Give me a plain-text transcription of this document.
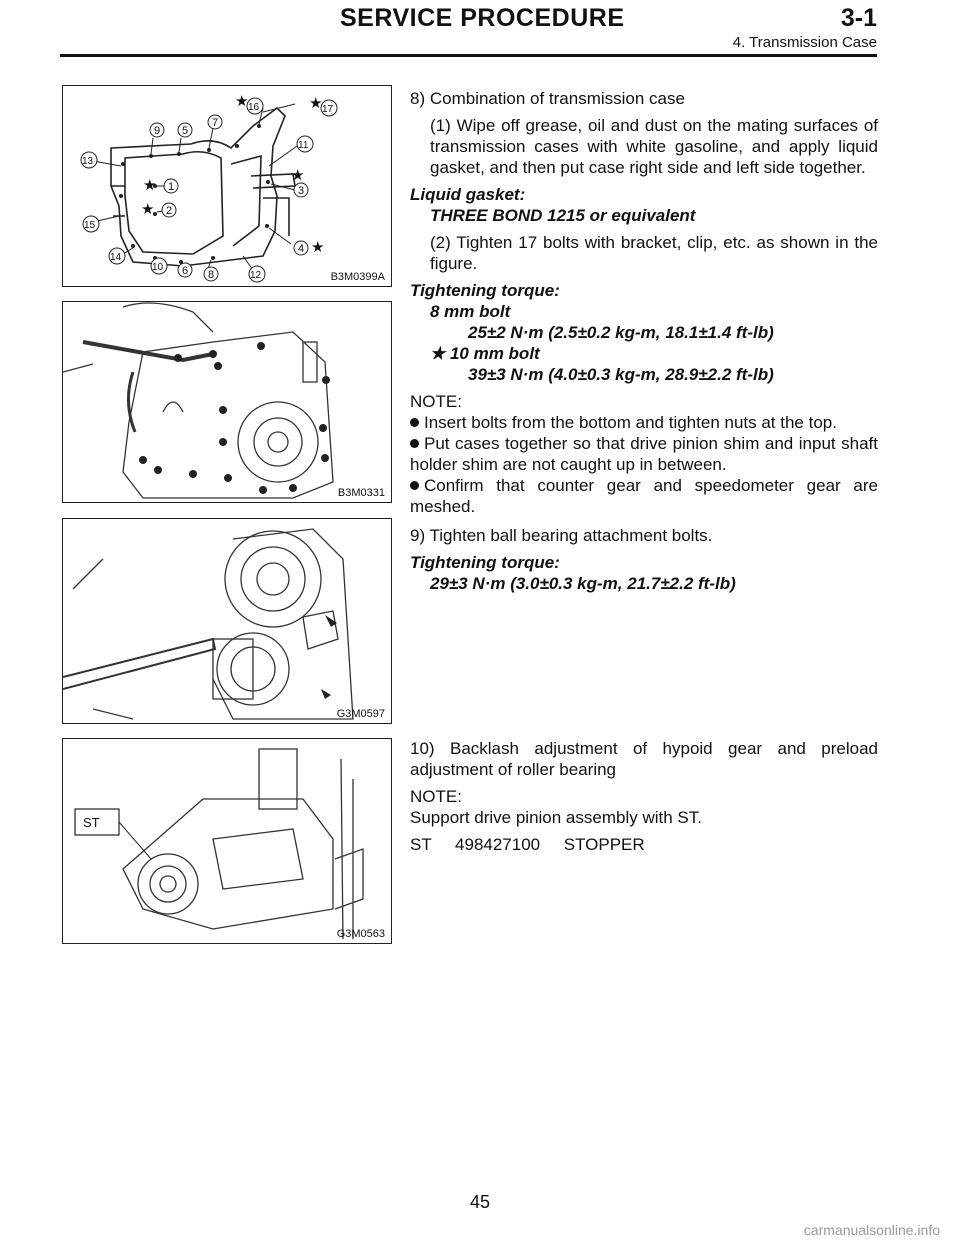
SERVICE PROCEDURE	3-1
4. Transmission Case
1
2
3
4
5
6
7
8
9
10
11
12
13
14
15
16	17
★	★
★
★
★
★
B3M0399A
B3M0331
G3M0597
ST
G3M0563

8) Combination of transmission case

(1) Wipe off grease, oil and dust on the mating surfaces of transmission cases with white gasoline, and apply liquid gasket, and then put case right side and left side together.

Liquid gasket:

THREE BOND 1215 or equivalent

(2) Tighten 17 bolts with bracket, clip, etc. as shown in the figure.

Tightening torque:

8 mm bolt

25±2 N·m (2.5±0.2 kg-m, 18.1±1.4 ft-lb)

★ 10 mm bolt

39±3 N·m (4.0±0.3 kg-m, 28.9±2.2 ft-lb)

NOTE:

Insert bolts from the bottom and tighten nuts at the top.

Put cases together so that drive pinion shim and input shaft holder shim are not caught up in between.

Confirm that counter gear and speedometer gear are meshed.

9) Tighten ball bearing attachment bolts.

Tightening torque:

29±3 N·m (3.0±0.3 kg-m, 21.7±2.2 ft-lb)

10) Backlash adjustment of hypoid gear and preload adjustment of roller bearing

NOTE:

Support drive pinion assembly with ST.

ST     498427100     STOPPER

45
carmanualsonline.info
